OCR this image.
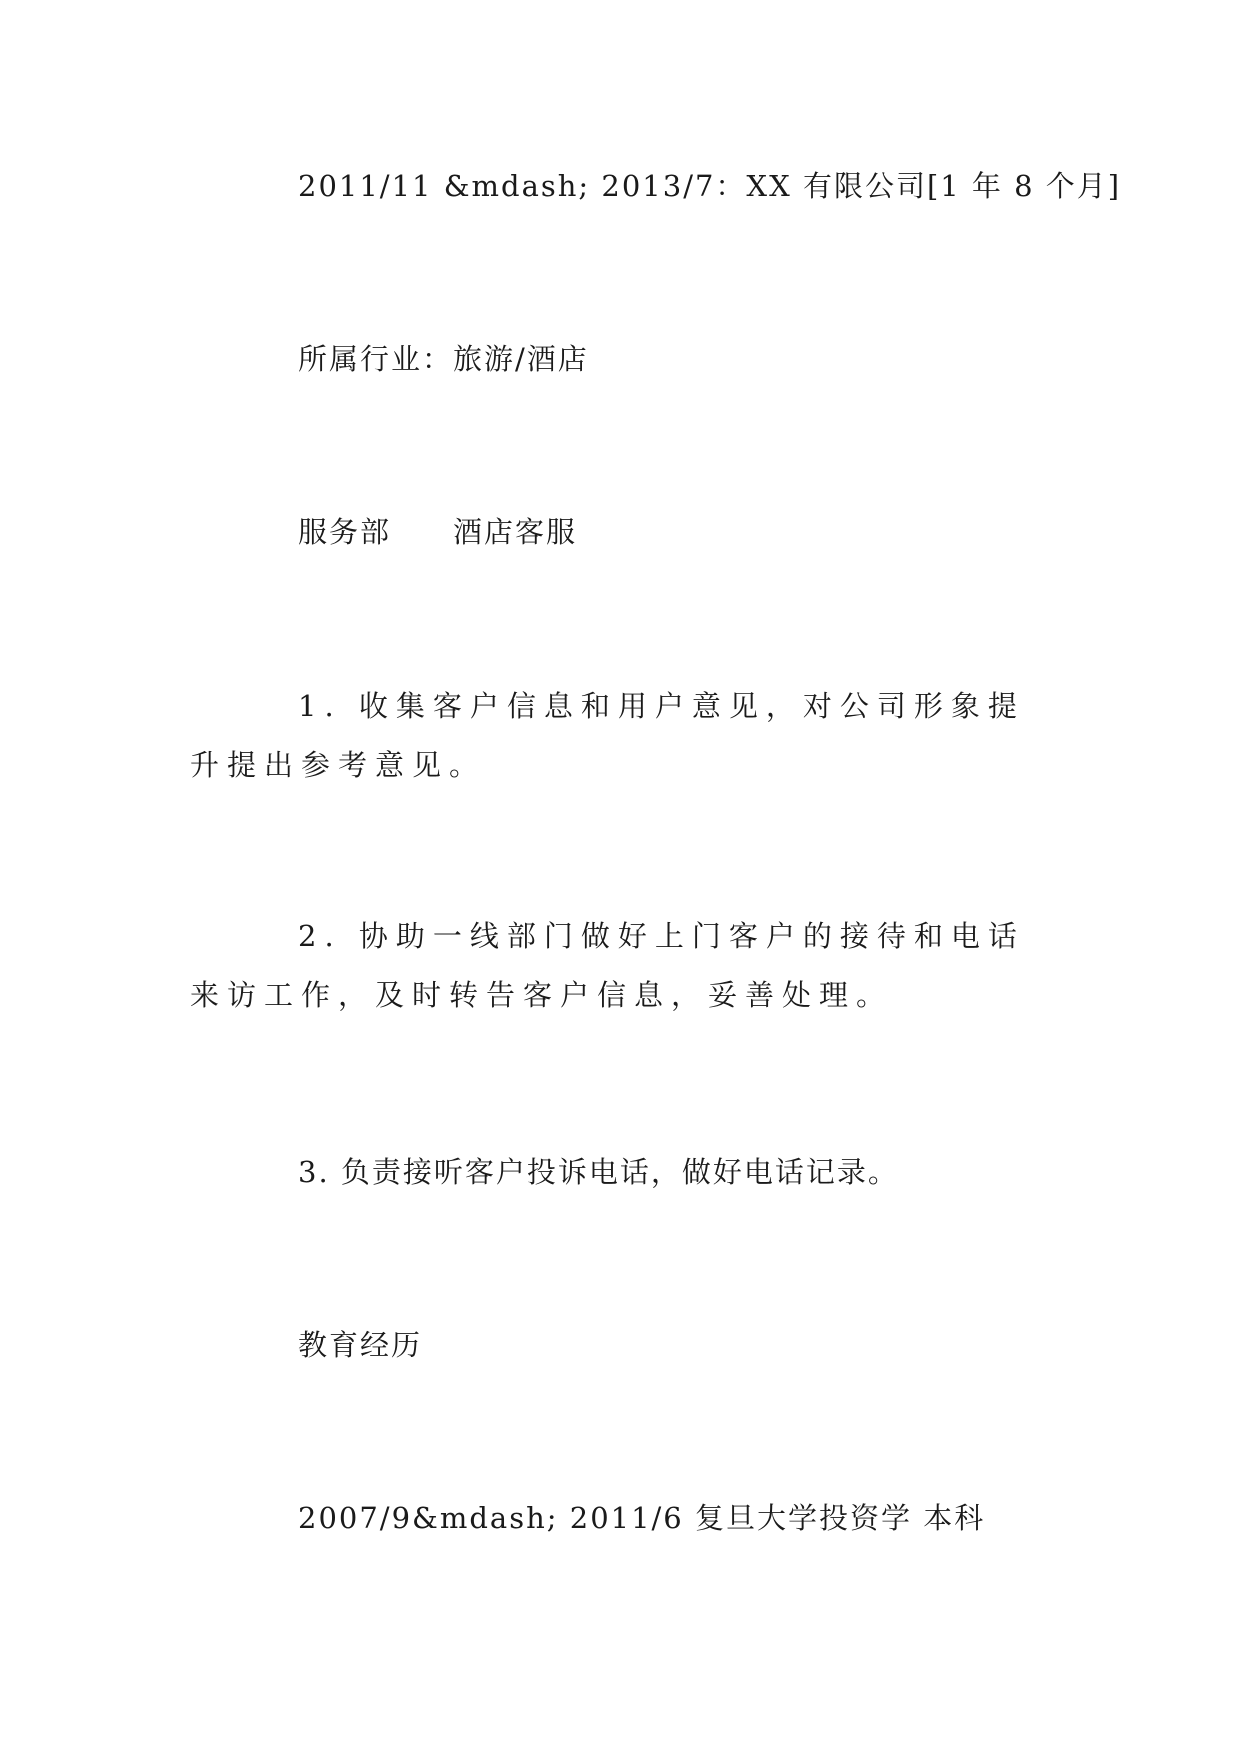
2011/11 &mdash; 2013/7：XX 有限公司[1 年 8 个月]
所属行业：旅游/酒店
服务部 酒店客服
1. 收集客户信息和用户意见，对公司形象提升提出参考意见。
2. 协助一线部门做好上门客户的接待和电话来访工作，及时转告客户信息，妥善处理。
3. 负责接听客户投诉电话，做好电话记录。
教育经历
2007/9&mdash; 2011/6 复旦大学投资学 本科
